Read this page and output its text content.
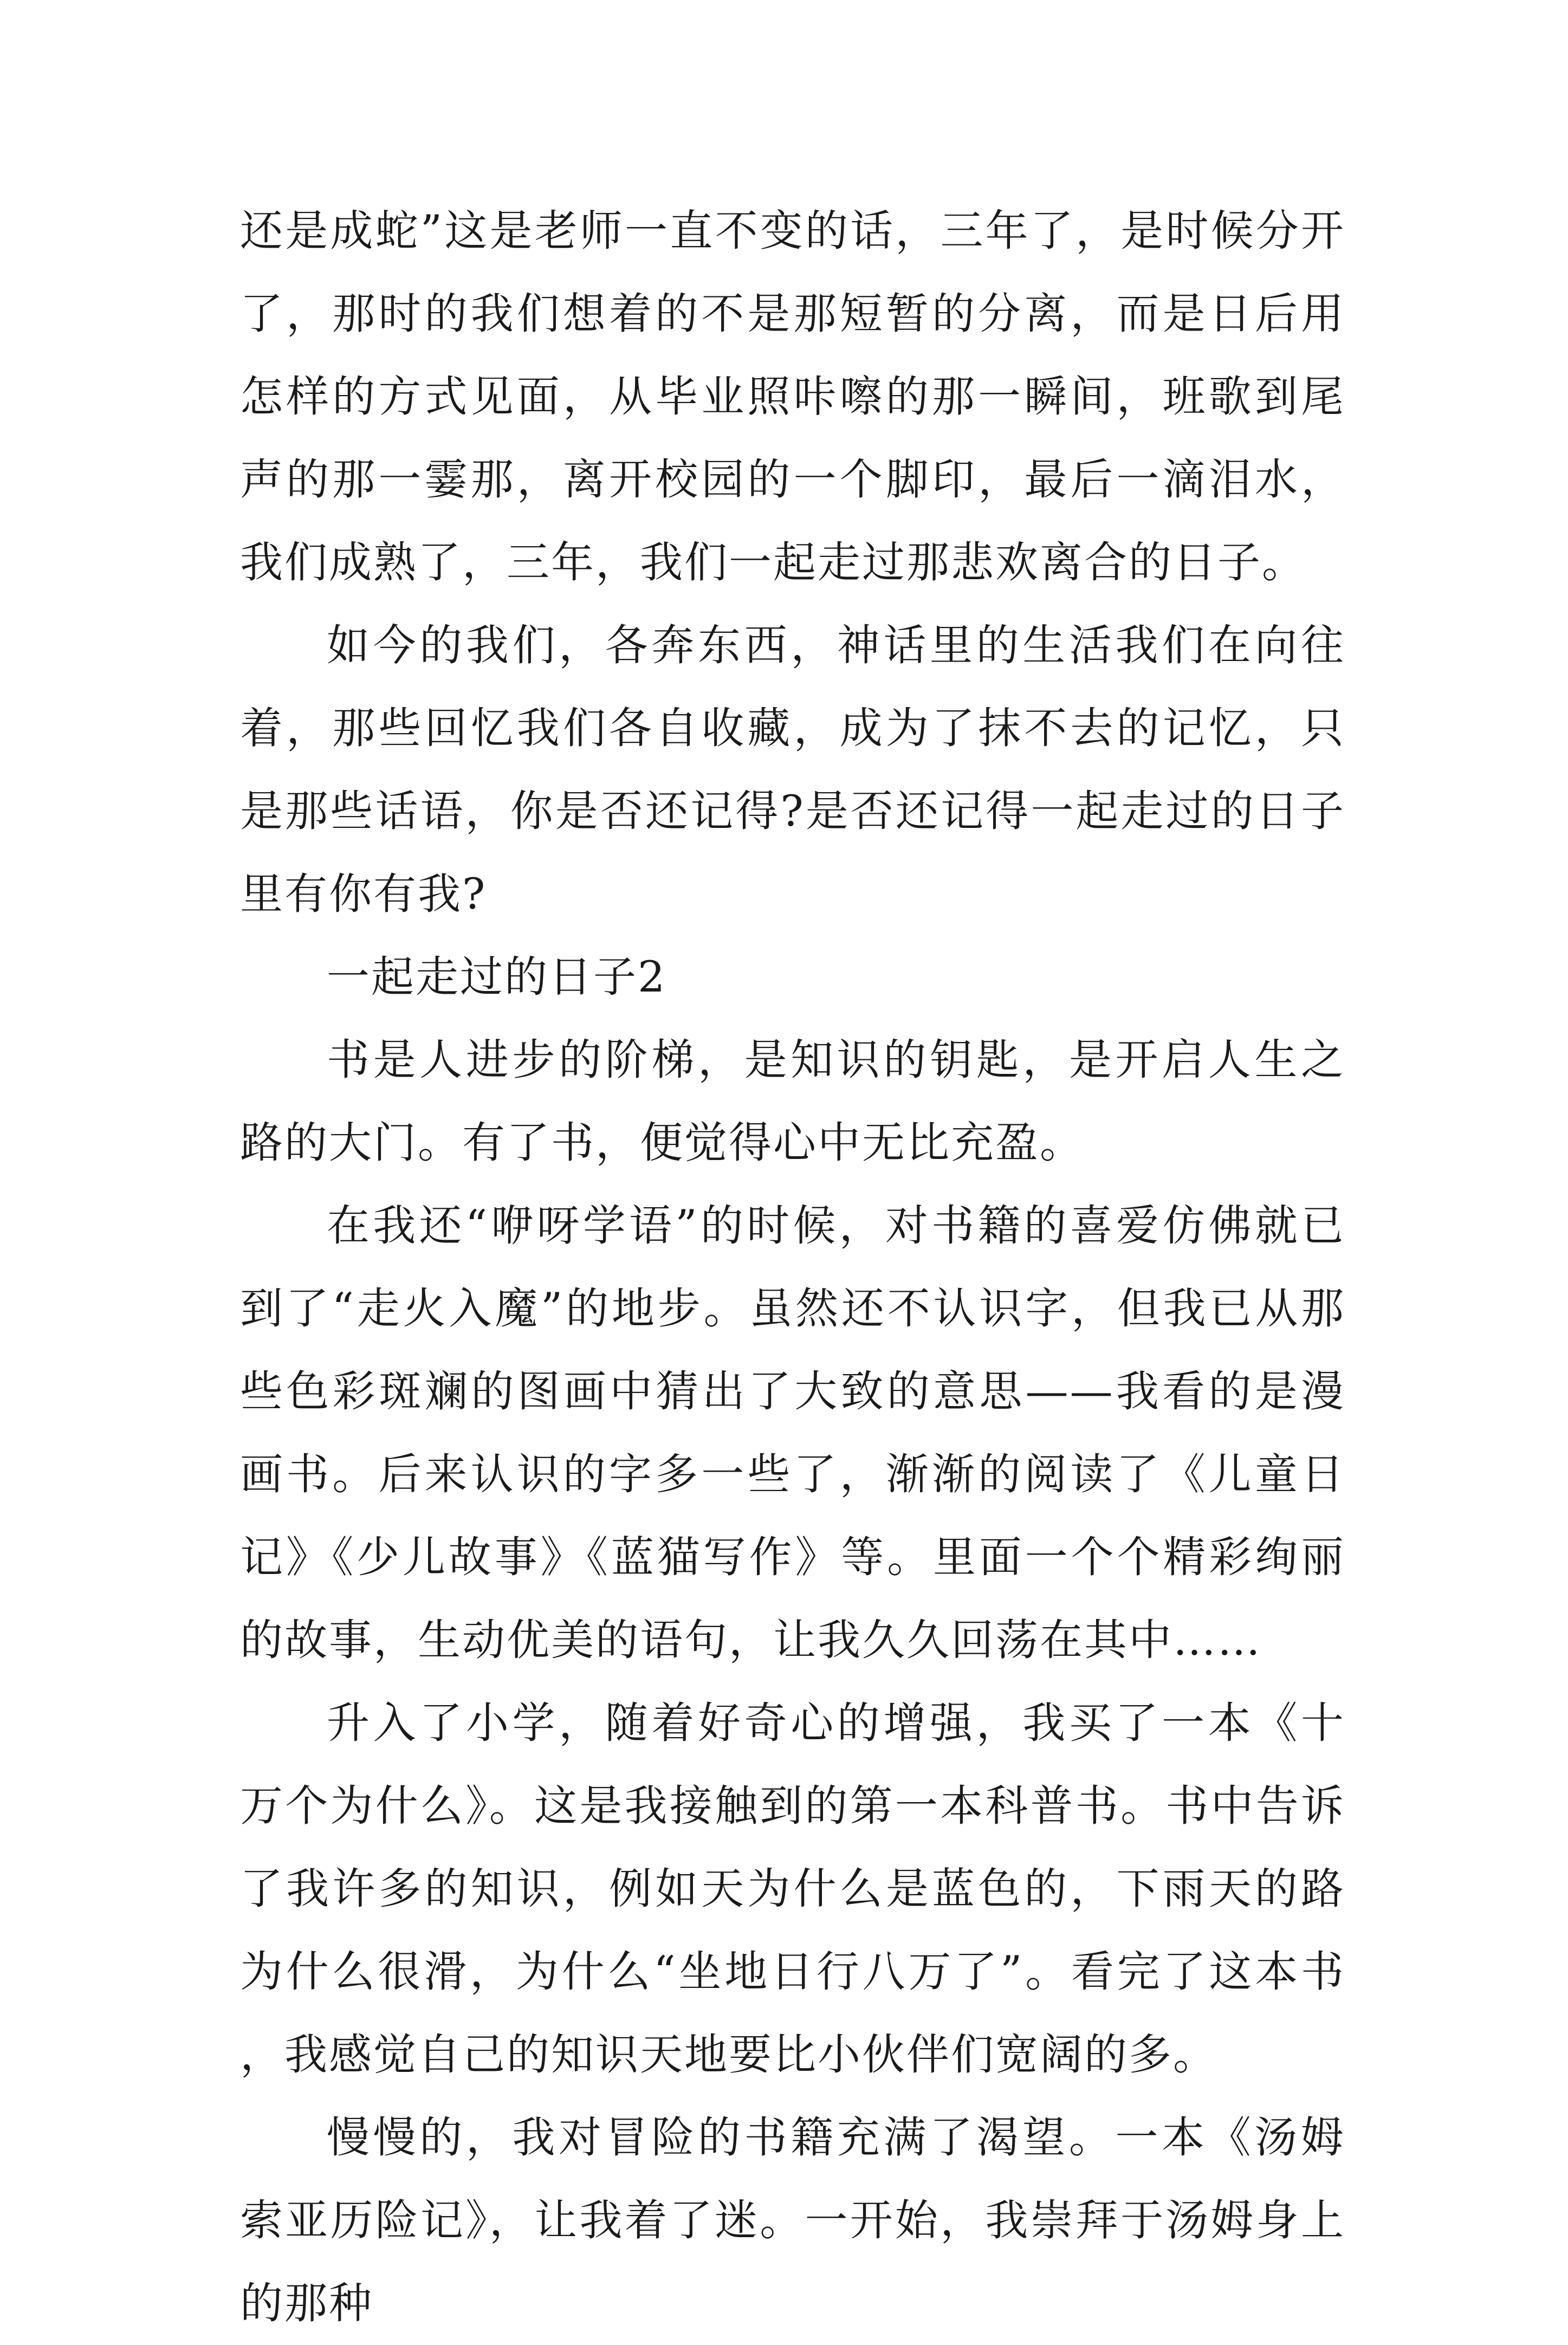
还是成蛇”这是老师一直不变的话，三年了，是时候分开了，那时的我们想着的不是那短暂的分离，而是日后用怎样的方式见面，从毕业照咔嚓的那一瞬间，班歌到尾声的那一霎那，离开校园的一个脚印，最后一滴泪水，我们成熟了，三年，我们一起走过那悲欢离合的日子。

如今的我们，各奔东西，神话里的生活我们在向往着，那些回忆我们各自收藏，成为了抹不去的记忆，只是那些话语，你是否还记得?是否还记得一起走过的日子里有你有我?

一起走过的日子2

书是人进步的阶梯，是知识的钥匙，是开启人生之路的大门。有了书，便觉得心中无比充盈。

在我还“咿呀学语”的时候，对书籍的喜爱仿佛就已到了“走火入魔”的地步。虽然还不认识字，但我已从那些色彩斑斓的图画中猜出了大致的意思——我看的是漫画书。后来认识的字多一些了，渐渐的阅读了《儿童日记》《少儿故事》《蓝猫写作》等。里面一个个精彩绚丽的故事，生动优美的语句，让我久久回荡在其中……

升入了小学，随着好奇心的增强，我买了一本《十万个为什么》。这是我接触到的第一本科普书。书中告诉了我许多的知识，例如天为什么是蓝色的，下雨天的路为什么很滑，为什么“坐地日行八万了”。看完了这本书，我感觉自己的知识天地要比小伙伴们宽阔的多。

慢慢的，我对冒险的书籍充满了渴望。一本《汤姆索亚历险记》，让我着了迷。一开始，我崇拜于汤姆身上的那种
